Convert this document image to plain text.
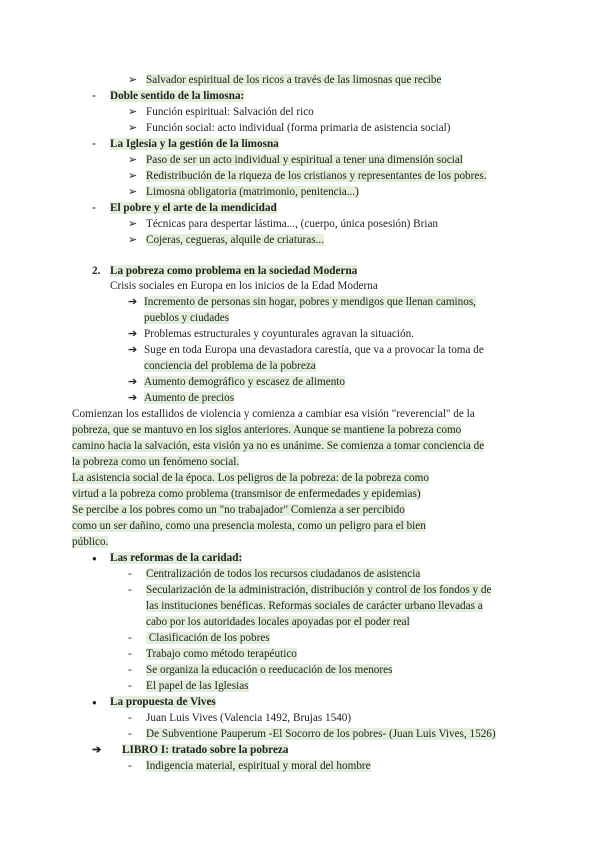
➢ Salvador espiritual de los ricos a través de las limosnas que recibe
- Doble sentido de la limosna:
➢ Función espiritual: Salvación del rico
➢ Función social: acto individual (forma primaria de asistencia social)
- La Iglesia y la gestión de la limosna
➢ Paso de ser un acto individual y espiritual a tener una dimensión social
➢ Redistribución de la riqueza de los cristianos y representantes de los pobres.
➢ Limosna obligatoria (matrimonio, penitencia...)
- El pobre y el arte de la mendicidad
➢ Técnicas para despertar lástima..., (cuerpo, única posesión) Brian
➢ Cojeras, cegueras, alquile de criaturas...
2. La pobreza como problema en la sociedad Moderna
Crisis sociales en Europa en los inicios de la Edad Moderna
➔ Incremento de personas sin hogar, pobres y mendigos que llenan caminos,
pueblos y ciudades
➔ Problemas estructurales y coyunturales agravan la situación.
➔ Suge en toda Europa una devastadora carestía, que va a provocar la toma de
conciencia del problema de la pobreza
➔ Aumento demográfico y escasez de alimento
➔ Aumento de precios
Comienzan los estallidos de violencia y comienza a cambiar esa visión "reverencial" de la
pobreza, que se mantuvo en los siglos anteriores. Aunque se mantiene la pobreza como
camino hacia la salvación, esta visión ya no es unánime. Se comienza a tomar conciencia de
la pobreza como un fenómeno social.
La asistencia social de la época. Los peligros de la pobreza: de la pobreza como
virtud a la pobreza como problema (transmisor de enfermedades y epidemias)
Se percibe a los pobres como un "no trabajador" Comienza a ser percibido
como un ser dañino, como una presencia molesta, como un peligro para el bien
público.
● Las reformas de la caridad:
- Centralización de todos los recursos ciudadanos de asistencia
- Secularización de la administración, distribución y control de los fondos y de
las instituciones benéficas. Reformas sociales de carácter urbano llevadas a
cabo por los autoridades locales apoyadas por el poder real
- Clasificación de los pobres
- Trabajo como método terapéutico
- Se organiza la educación o reeducación de los menores
- El papel de las Iglesias
● La propuesta de Vives
- Juan Luis Vives (Valencia 1492, Brujas 1540)
- De Subventione Pauperum -El Socorro de los pobres- (Juan Luis Vives, 1526)
➔ LIBRO I: tratado sobre la pobreza
- Indigencia material, espiritual y moral del hombre
